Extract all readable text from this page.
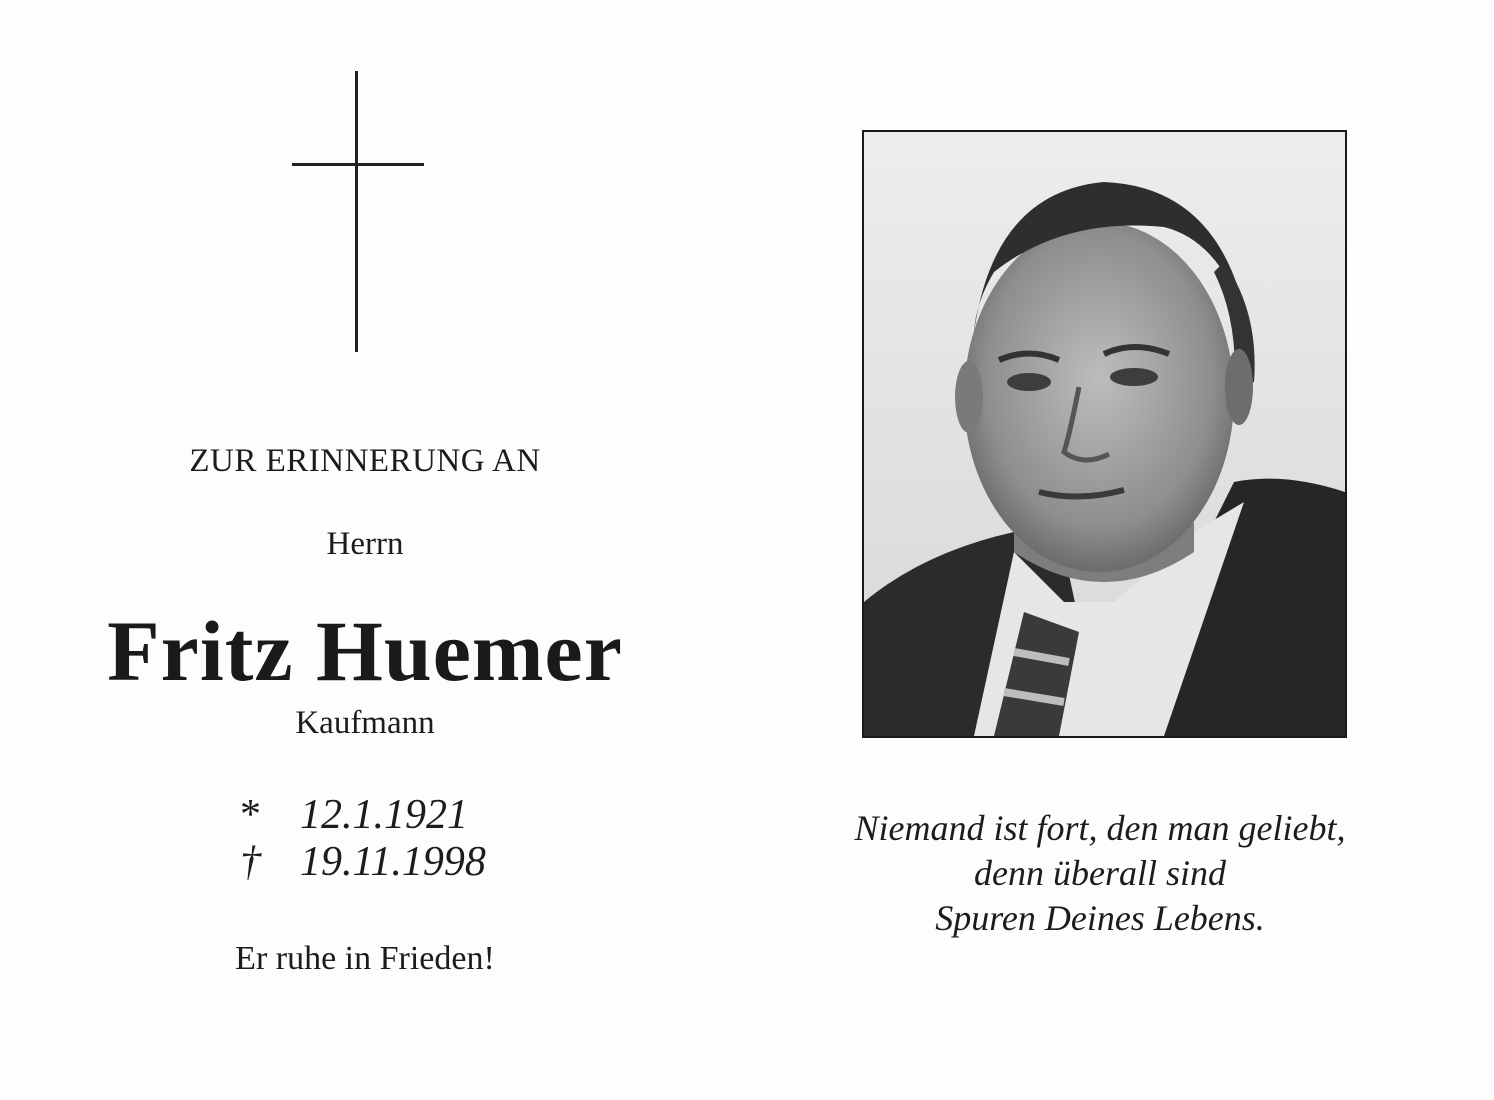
ZUR ERINNERUNG AN
Herrn
Fritz Huemer
Kaufmann
* 12.1.1921
† 19.11.1998
Er ruhe in Frieden!
Niemand ist fort, den man geliebt,
denn überall sind
Spuren Deines Lebens.
